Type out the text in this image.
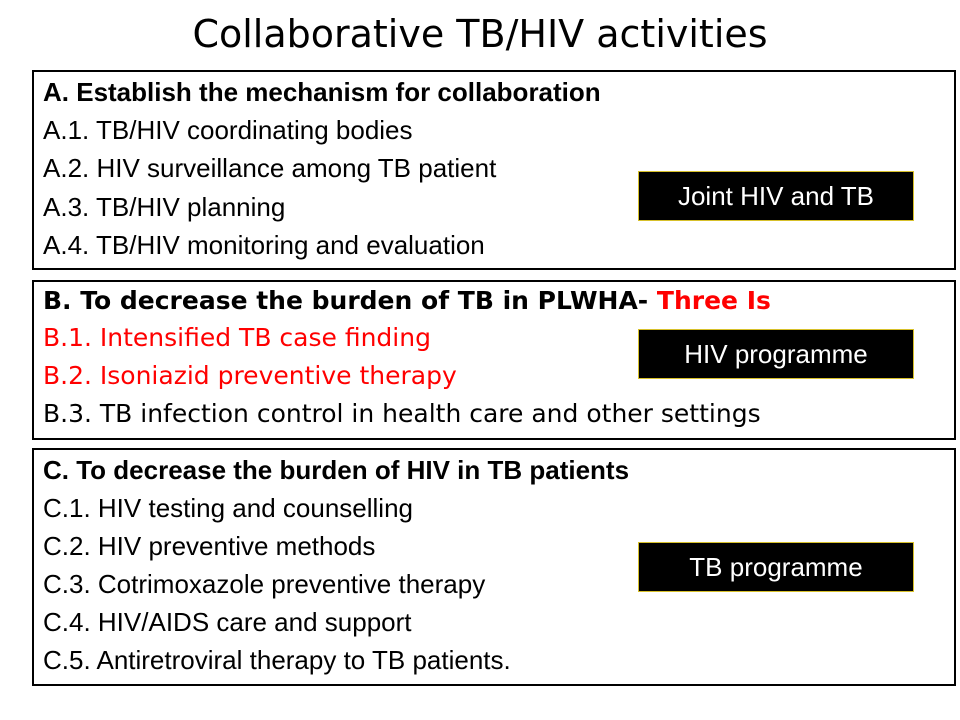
Collaborative TB/HIV activities

A. Establish the mechanism for collaboration

A.1. TB/HIV coordinating bodies

A.2. HIV surveillance among TB patient

A.3. TB/HIV planning

A.4. TB/HIV monitoring and evaluation

B. To decrease the burden of TB in PLWHA- Three Is

B.1. Intensified TB case finding

B.2. Isoniazid preventive therapy

B.3. TB infection control in health care and other settings

C. To decrease the burden of HIV in TB patients

C.1. HIV testing and counselling

C.2. HIV preventive methods

C.3. Cotrimoxazole preventive therapy

C.4. HIV/AIDS care and support

C.5. Antiretroviral therapy to TB patients.

Joint HIV and TB
HIV programme
TB programme
